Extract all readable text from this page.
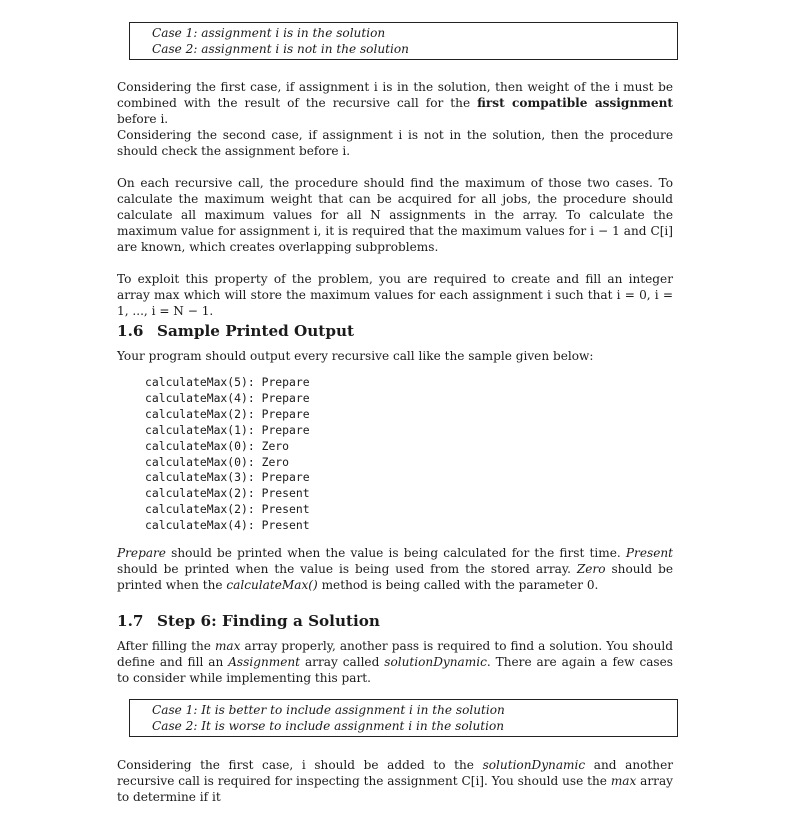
Case 1: assignment i is in the solution
Case 2: assignment i is not in the solution

Considering the first case, if assignment i is in the solution, then weight of the i must be combined with the result of the recursive call for the first compatible assignment before i.

Considering the second case, if assignment i is not in the solution, then the procedure should check the assignment before i.

On each recursive call, the procedure should find the maximum of those two cases. To calculate the maximum weight that can be acquired for all jobs, the procedure should calculate all maximum values for all N assignments in the array. To calculate the maximum value for assignment i, it is required that the maximum values for i − 1 and C[i] are known, which creates overlapping subproblems.

To exploit this property of the problem, you are required to create and fill an integer array max which will store the maximum values for each assignment i such that i = 0, i = 1, ..., i = N − 1.

1.6 Sample Printed Output

Your program should output every recursive call like the sample given below:

calculateMax(5): Prepare
calculateMax(4): Prepare
calculateMax(2): Prepare
calculateMax(1): Prepare
calculateMax(0): Zero
calculateMax(0): Zero
calculateMax(3): Prepare
calculateMax(2): Present
calculateMax(2): Present
calculateMax(4): Present

Prepare should be printed when the value is being calculated for the first time. Present should be printed when the value is being used from the stored array. Zero should be printed when the calculateMax() method is being called with the parameter 0.

1.7 Step 6: Finding a Solution

After filling the max array properly, another pass is required to find a solution. You should define and fill an Assignment array called solutionDynamic. There are again a few cases to consider while implementing this part.

Case 1: It is better to include assignment i in the solution
Case 2: It is worse to include assignment i in the solution

Considering the first case, i should be added to the solutionDynamic and another recursive call is required for inspecting the assignment C[i]. You should use the max array to determine if it
